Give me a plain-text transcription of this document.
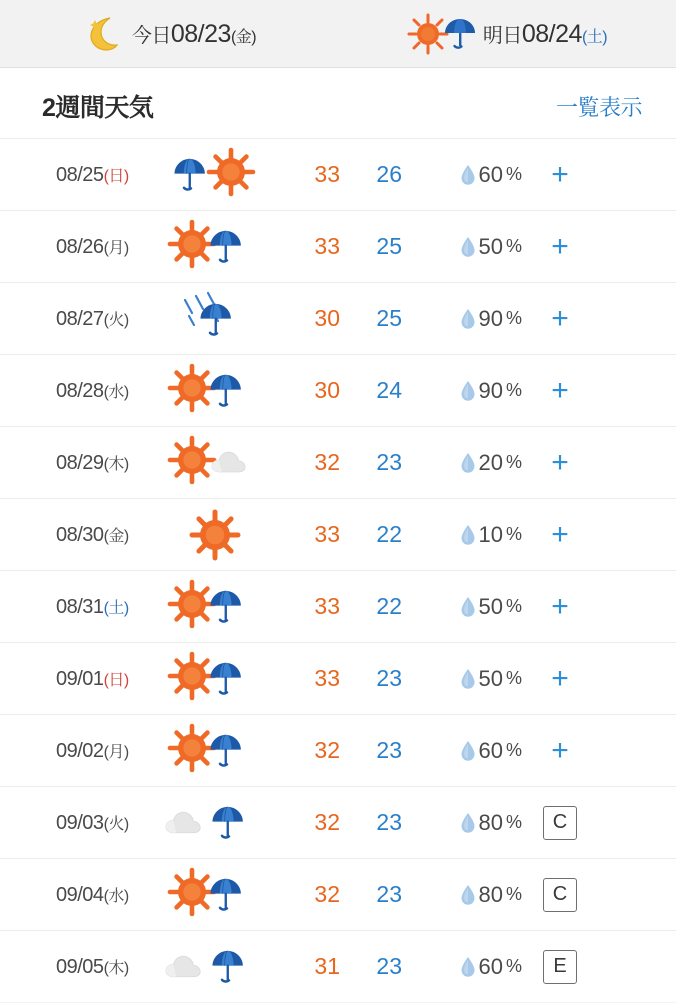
今日08/23(金)	明日08/24(土)
2週間天気	一覧表示
08/25(日)	33	26	60 % +
08/26(月)	33	25	50 % +
08/27(火)	30	25	90 % +
08/28(水)	30	24	90 % +
08/29(木)	32	23	20 % +
08/30(金)	33	22	10 % +
08/31(土)	33	22	50 % +
09/01(日)	33	23	50 % +
09/02(月)	32	23	60 % +
09/03(火)	32	23	80 %	C
09/04(水)	32	23	80 %	C
09/05(木)	31	23	60 %	E
